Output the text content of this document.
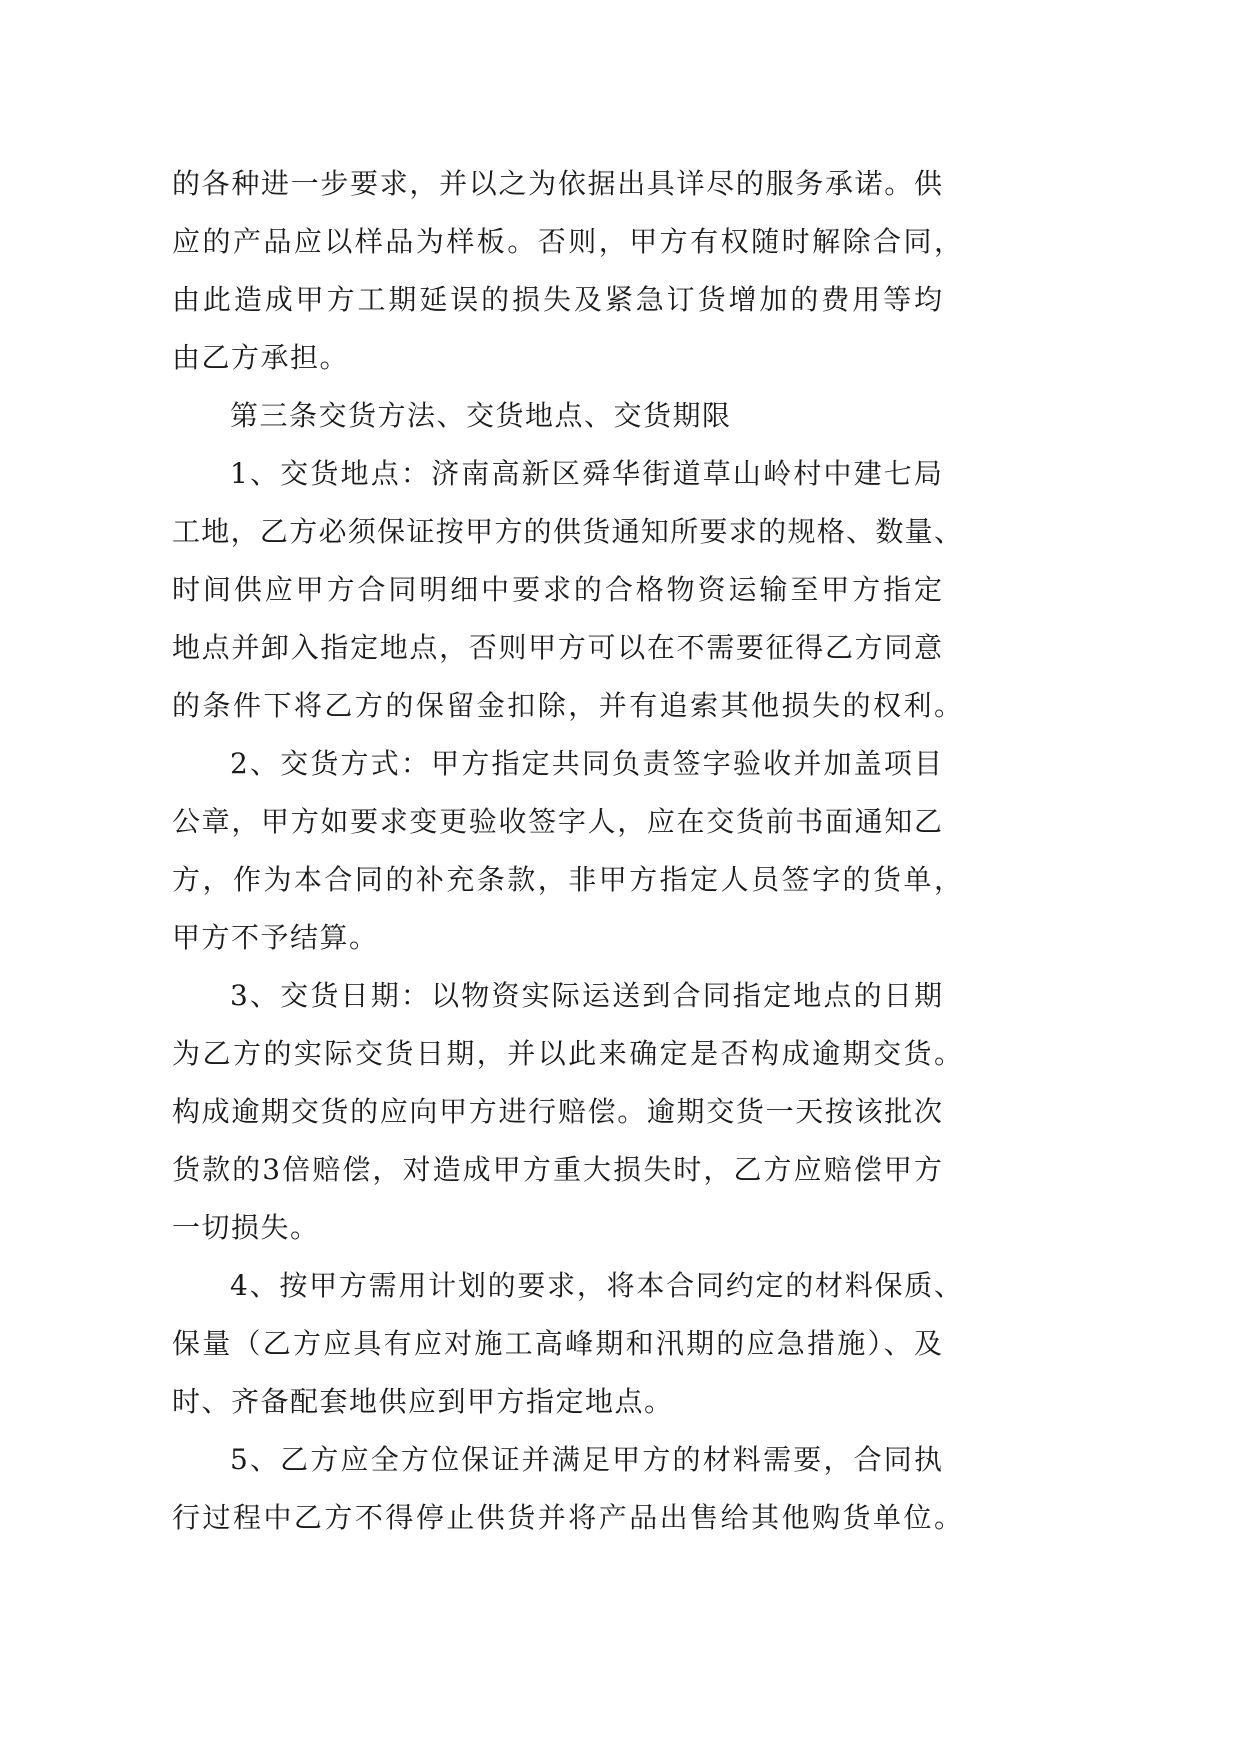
的各种进一步要求，并以之为依据出具详尽的服务承诺。供
应的产品应以样品为样板。否则，甲方有权随时解除合同，
由此造成甲方工期延误的损失及紧急订货增加的费用等均
由乙方承担。
第三条交货方法、交货地点、交货期限
1、交货地点：济南高新区舜华街道草山岭村中建七局
工地，乙方必须保证按甲方的供货通知所要求的规格、数量、
时间供应甲方合同明细中要求的合格物资运输至甲方指定
地点并卸入指定地点，否则甲方可以在不需要征得乙方同意
的条件下将乙方的保留金扣除，并有追索其他损失的权利。
2、交货方式：甲方指定共同负责签字验收并加盖项目
公章，甲方如要求变更验收签字人，应在交货前书面通知乙
方，作为本合同的补充条款，非甲方指定人员签字的货单，
甲方不予结算。
3、交货日期：以物资实际运送到合同指定地点的日期
为乙方的实际交货日期，并以此来确定是否构成逾期交货。
构成逾期交货的应向甲方进行赔偿。逾期交货一天按该批次
货款的3倍赔偿，对造成甲方重大损失时，乙方应赔偿甲方
一切损失。
4、按甲方需用计划的要求，将本合同约定的材料保质、
保量（乙方应具有应对施工高峰期和汛期的应急措施）、及
时、齐备配套地供应到甲方指定地点。
5、乙方应全方位保证并满足甲方的材料需要，合同执
行过程中乙方不得停止供货并将产品出售给其他购货单位。
